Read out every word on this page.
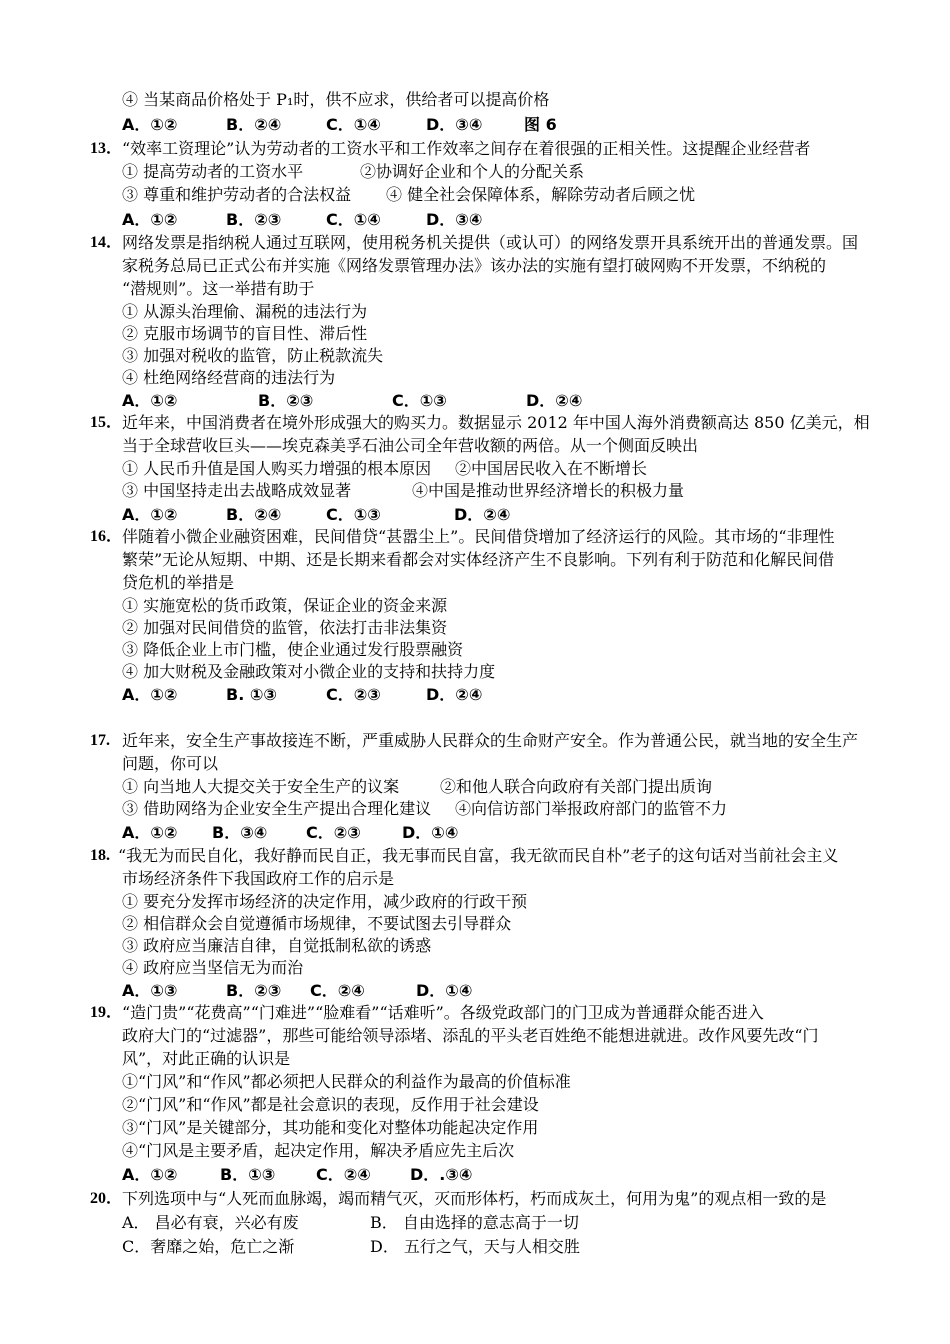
④ 当某商品价格处于 P₁时，供不应求，供给者可以提高价格
A．①②	B．②④	C．①④	D．③④	图 6
13． “效率工资理论”认为劳动者的工资水平和工作效率之间存在着很强的正相关性。这提醒企业经营者
① 提高劳动者的工资水平	②协调好企业和个人的分配关系
③ 尊重和维护劳动者的合法权益 ④ 健全社会保障体系，解除劳动者后顾之忧
A．①②	B．②③	C．①④	D．③④
14． 网络发票是指纳税人通过互联网，使用税务机关提供（或认可）的网络发票开具系统开出的普通发票。国
家税务总局已正式公布并实施《网络发票管理办法》该办法的实施有望打破网购不开发票，不纳税的
“潜规则”。这一举措有助于
① 从源头治理偷、漏税的违法行为
② 克服市场调节的盲目性、滞后性
③ 加强对税收的监管，防止税款流失
④ 杜绝网络经营商的违法行为
A．①②	B．②③	C．①③	D．②④
15． 近年来，中国消费者在境外形成强大的购买力。数据显示 2012 年中国人海外消费额高达 850 亿美元，相
当于全球营收巨头——埃克森美孚石油公司全年营收额的两倍。从一个侧面反映出
① 人民币升值是国人购买力增强的根本原因 ②中国居民收入在不断增长
③ 中国坚持走出去战略成效显著	④中国是推动世界经济增长的积极力量
A．①②	B．②④	C．①③	D．②④
16． 伴随着小微企业融资困难，民间借贷“甚嚣尘上”。民间借贷增加了经济运行的风险。其市场的“非理性
繁荣”无论从短期、中期、还是长期来看都会对实体经济产生不良影响。下列有利于防范和化解民间借
贷危机的举措是
① 实施宽松的货币政策，保证企业的资金来源
② 加强对民间借贷的监管，依法打击非法集资
③ 降低企业上市门槛，使企业通过发行股票融资
④ 加大财税及金融政策对小微企业的支持和扶持力度
A．①②	B. ①③	C．②③	D．②④
17. 近年来，安全生产事故接连不断，严重威胁人民群众的生命财产安全。作为普通公民，就当地的安全生产
问题，你可以
① 向当地人大提交关于安全生产的议案	②和他人联合向政府有关部门提出质询
③ 借助网络为企业安全生产提出合理化建议 ④向信访部门举报政府部门的监管不力
A．①② B．③④ C．②③	D．①④
18. “我无为而民自化，我好静而民自正，我无事而民自富，我无欲而民自朴”老子的这句话对当前社会主义
市场经济条件下我国政府工作的启示是
① 要充分发挥市场经济的决定作用，减少政府的行政干预
② 相信群众会自觉遵循市场规律，不要试图去引导群众
③ 政府应当廉洁自律，自觉抵制私欲的诱惑
④ 政府应当坚信无为而治
A．①③	B．②③ C．②④	D．①④
19． “造门贵”“花费高”“门难进”“脸难看”“话难听”。各级党政部门的门卫成为普通群众能否进入
政府大门的“过滤器”，那些可能给领导添堵、添乱的平头老百姓绝不能想进就进。改作风要先改“门
风”，对此正确的认识是
①“门风”和“作风”都必须把人民群众的利益作为最高的价值标准
②“门风”和“作风”都是社会意识的表现，反作用于社会建设
③“门风”是关键部分，其功能和变化对整体功能起决定作用
④“门风是主要矛盾，起决定作用，解决矛盾应先主后次
A．①②	B．①③	C．②④ D．.③④
20． 下列选项中与“人死而血脉竭，竭而精气灭，灭而形体朽，朽而成灰土，何用为鬼”的观点相一致的是
A． 昌必有衰，兴必有废	B． 自由选择的意志高于一切
C．奢靡之始，危亡之渐	D． 五行之气，天与人相交胜
